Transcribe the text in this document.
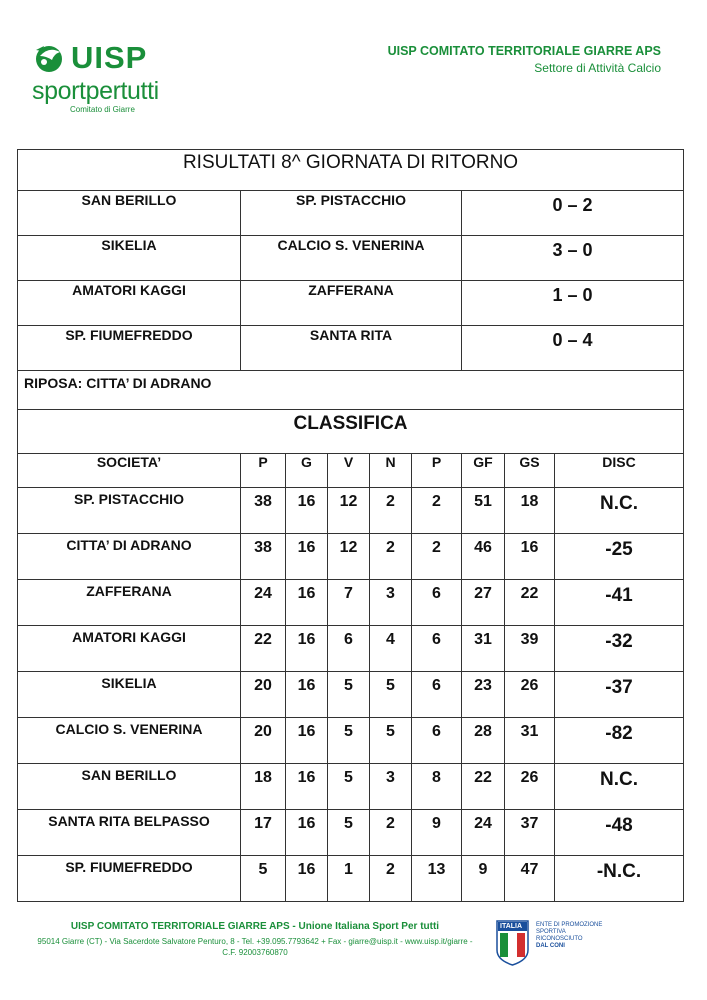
UISP
sportpertutti
Comitato di Giarre
UISP COMITATO TERRITORIALE GIARRE APS
Settore di Attività Calcio
RISULTATI 8^ GIORNATA DI RITORNO								
SAN BERILLO	SP. PISTACCHIO					0 – 2		
SIKELIA	CALCIO S. VENERINA					3 – 0		
AMATORI KAGGI	ZAFFERANA					1 – 0		
SP. FIUMEFREDDO	SANTA RITA					0 – 4		
RIPOSA: CITTA’ DI ADRANO								
CLASSIFICA								
SOCIETA’	P	G	V	N	P	GF	GS	DISC
SP. PISTACCHIO	38	16	12	2	2	51	18	N.C.
CITTA’ DI ADRANO	38	16	12	2	2	46	16	-25
ZAFFERANA	24	16	7	3	6	27	22	-41
AMATORI KAGGI	22	16	6	4	6	31	39	-32
SIKELIA	20	16	5	5	6	23	26	-37
CALCIO S. VENERINA	20	16	5	5	6	28	31	-82
SAN BERILLO	18	16	5	3	8	22	26	N.C.
SANTA RITA BELPASSO	17	16	5	2	9	24	37	-48
SP. FIUMEFREDDO	5	16	1	2	13	9	47	-N.C.
UISP COMITATO TERRITORIALE GIARRE APS - Unione Italiana Sport Per tutti
95014 Giarre (CT) - Via Sacerdote Salvatore Penturo, 8 - Tel. +39.095.7793642 + Fax - giarre@uisp.it - www.uisp.it/giarre - C.F. 92003760870
ITALIA ENTE DI PROMOZIONE
SPORTIVA
RICONOSCIUTO
DAL CONI
